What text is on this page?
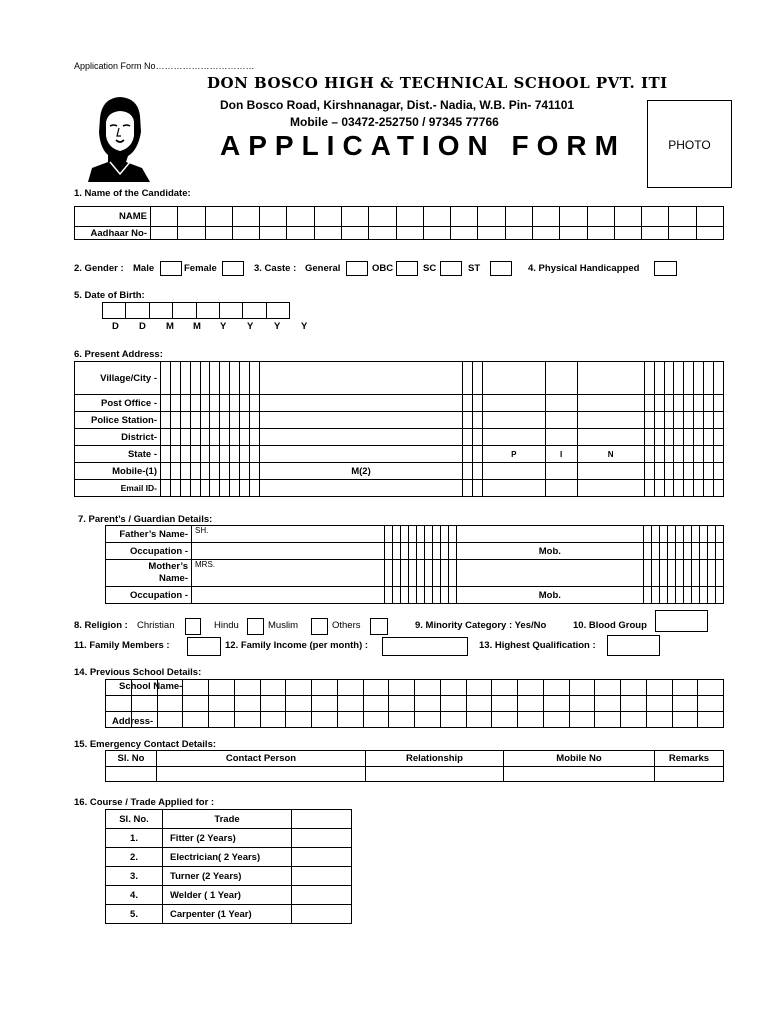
Application Form No……………………………
DON BOSCO HIGH & TECHNICAL SCHOOL PVT. ITI
Don Bosco Road, Kirshnanagar, Dist.- Nadia, W.B. Pin- 741101
Mobile – 03472-252750 / 97345 77766
APPLICATION FORM	PHOTO
1. Name of the Candidate:
NAME																					
Aadhaar No-																					
2. Gender : Male	Female	3. Caste : General	OBC	SC	ST	4. Physical Handicapped
5. Date of Birth:

D D M M Y Y Y Y
6. Present Address:
Village/City -																								
Post Office -																								
Police Station-																								
District-																								
State -														P	I	N								
Mobile-(1)											M(2)													
Email ID-																								
7. Parent’s / Guardian Details:
Father’s Name-	SH.																				
Occupation -											Mob.										
Mother’s
Name-	MRS.																				
Occupation -											Mob.										
8. Religion : Christian	Hindu	Muslim	Others	9. Minority Category : Yes/No	10. Blood Group
11. Family Members :	12. Family Income (per month) :	13. Highest Qualification :
14. Previous School Details:
School Name-

Address-
15. Emergency Contact Details:
Sl. No	Contact Person	Relationship	Mobile No	Remarks

16. Course / Trade Applied for :
Sl. No.	Trade	
1.	Fitter (2 Years)	
2.	Electrician( 2 Years)	
3.	Turner (2 Years)	
4.	Welder ( 1 Year)	
5.	Carpenter (1 Year)	
